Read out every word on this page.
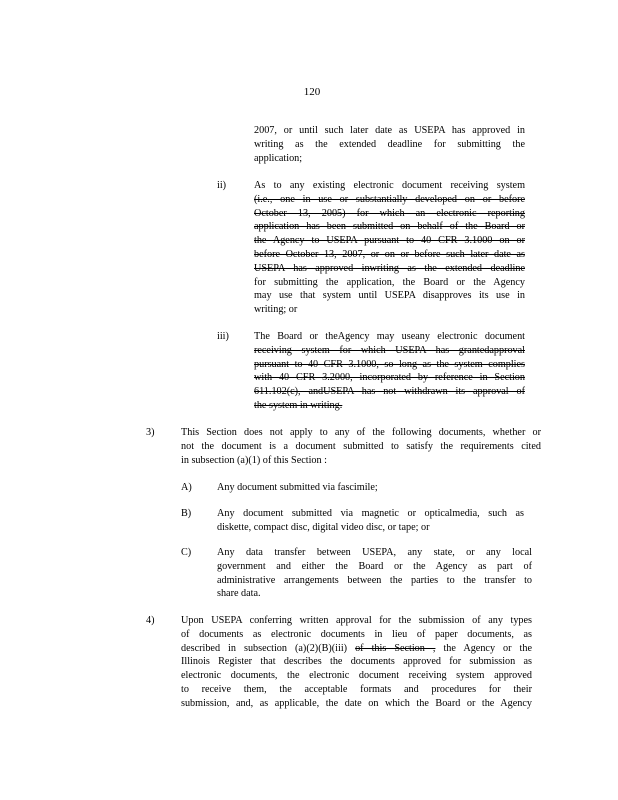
120
2007, or until such later date as USEPA has approved in
writing as the extended deadline for submitting the
application;
ii)	As to any existing electronic document receiving system
(i.e., one in use or substantially developed on or before
October 13, 2005) for which an electronic reporting
application has been submitted on behalf of the Board or
the Agency to USEPA pursuant to 40 CFR 3.1000 on or
before October 13, 2007, or on or before such later date as
USEPA has approved inwriting as the extended deadline
for submitting the application, the Board or the Agency
may use that system until USEPA disapproves its use in
writing; or
iii) The Board or theAgency may useany electronic document
receiving system for which USEPA has grantedapproval
pursuant to 40 CFR 3.1000, so long as the system complies
with 40 CFR 3.2000, incorporated by reference in Section
611.102(c), andUSEPA has not withdrawn its approval of
the system in writing.
3)	This Section does not apply to any of the following documents, whether or
not the document is a document submitted to satisfy the requirements cited
in subsection (a)(1) of this Section :
A) Any document submitted via fascimile;
B)	Any document submitted via magnetic or opticalmedia, such as
diskette, compact disc, digital video disc, or tape; or
C)	Any data transfer between USEPA, any state, or any local
government and either the Board or the Agency as part of
administrative arrangements between the parties to the transfer to
share data.
4)	Upon USEPA conferring written approval for the submission of any types
of documents as electronic documents in lieu of paper documents, as
described in subsection (a)(2)(B)(iii) of this Section , the Agency or the
Illinois Register that describes the documents approved for submission as
electronic documents, the electronic document receiving system approved
to receive them, the acceptable formats and procedures for their
submission, and, as applicable, the date on which the Board or the Agency
